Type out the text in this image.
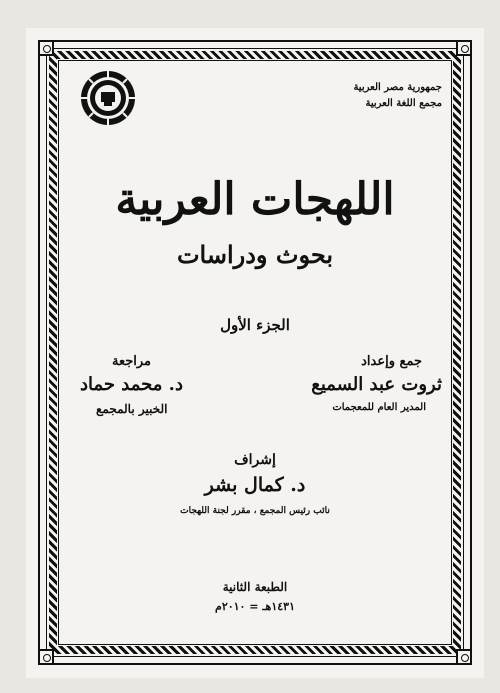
جمهورية مصر العربية
مجمع اللغة العربية
اللهجات العربية
بحوث ودراسات
الجزء الأول
جمع وإعداد
ثروت عبد السميع
المدير العام للمعجمات
مراجعة
د. محمد حماد
الخبير بالمجمع
إشراف
د. كمال بشر
نائب رئيس المجمع ، مقرر لجنة اللهجات
الطبعة الثانية
١٤٣١هـ = ٢٠١٠م
